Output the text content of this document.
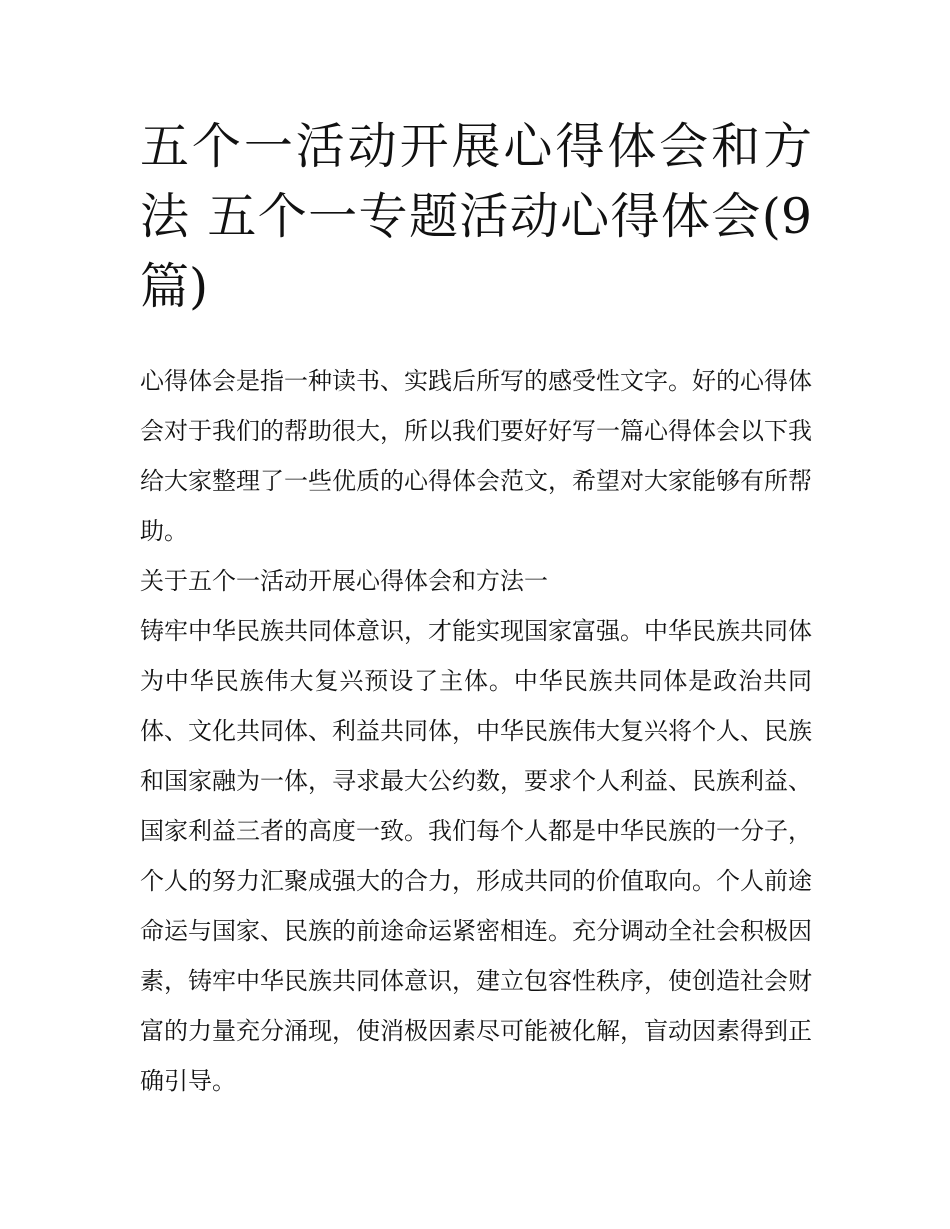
五个一活动开展心得体会和方法 五个一专题活动心得体会(9篇)

心得体会是指一种读书、实践后所写的感受性文字。好的心得体会对于我们的帮助很大，所以我们要好好写一篇心得体会以下我给大家整理了一些优质的心得体会范文，希望对大家能够有所帮助。

关于五个一活动开展心得体会和方法一

铸牢中华民族共同体意识，才能实现国家富强。中华民族共同体为中华民族伟大复兴预设了主体。中华民族共同体是政治共同体、文化共同体、利益共同体，中华民族伟大复兴将个人、民族和国家融为一体，寻求最大公约数，要求个人利益、民族利益、国家利益三者的高度一致。我们每个人都是中华民族的一分子，个人的努力汇聚成强大的合力，形成共同的价值取向。个人前途命运与国家、民族的前途命运紧密相连。充分调动全社会积极因素，铸牢中华民族共同体意识，建立包容性秩序，使创造社会财富的力量充分涌现，使消极因素尽可能被化解，盲动因素得到正确引导。
